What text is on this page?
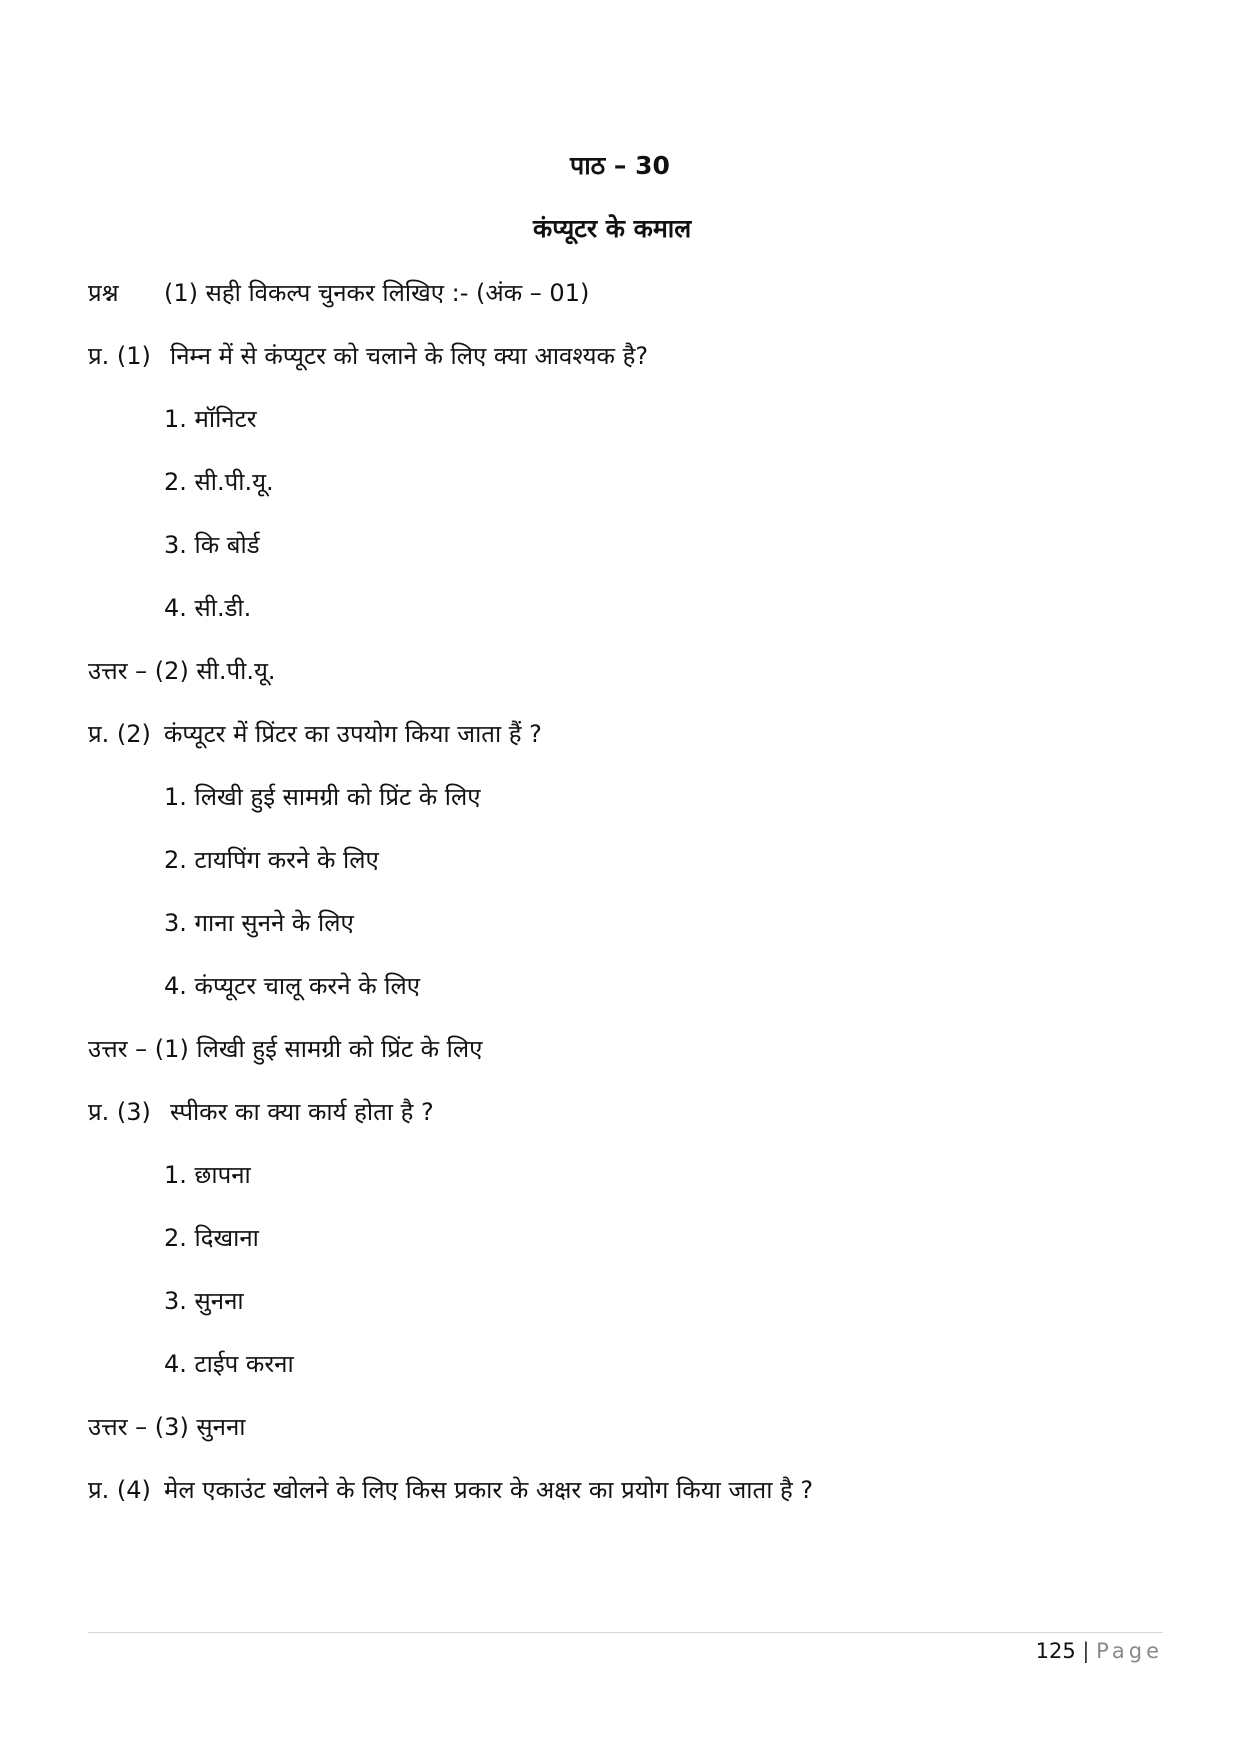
पाठ – 30
कंप्यूटर के कमाल
प्रश्न (1) सही विकल्प चुनकर लिखिए :- (अंक – 01)
प्र. (1) निम्न में से कंप्यूटर को चलाने के लिए क्या आवश्यक है?
1. मॉनिटर
2. सी.पी.यू.
3. कि बोर्ड
4. सी.डी.
उत्तर – (2) सी.पी.यू.
प्र. (2) कंप्यूटर में प्रिंटर का उपयोग किया जाता हैं ?
1. लिखी हुई सामग्री को प्रिंट के लिए
2. टायपिंग करने के लिए
3. गाना सुनने के लिए
4. कंप्यूटर चालू करने के लिए
उत्तर – (1) लिखी हुई सामग्री को प्रिंट के लिए
प्र. (3) स्पीकर का क्या कार्य होता है ?
1. छापना
2. दिखाना
3. सुनना
4. टाईप करना
उत्तर – (3) सुनना
प्र. (4) मेल एकाउंट खोलने के लिए किस प्रकार के अक्षर का प्रयोग किया जाता है ?
125 | Page
